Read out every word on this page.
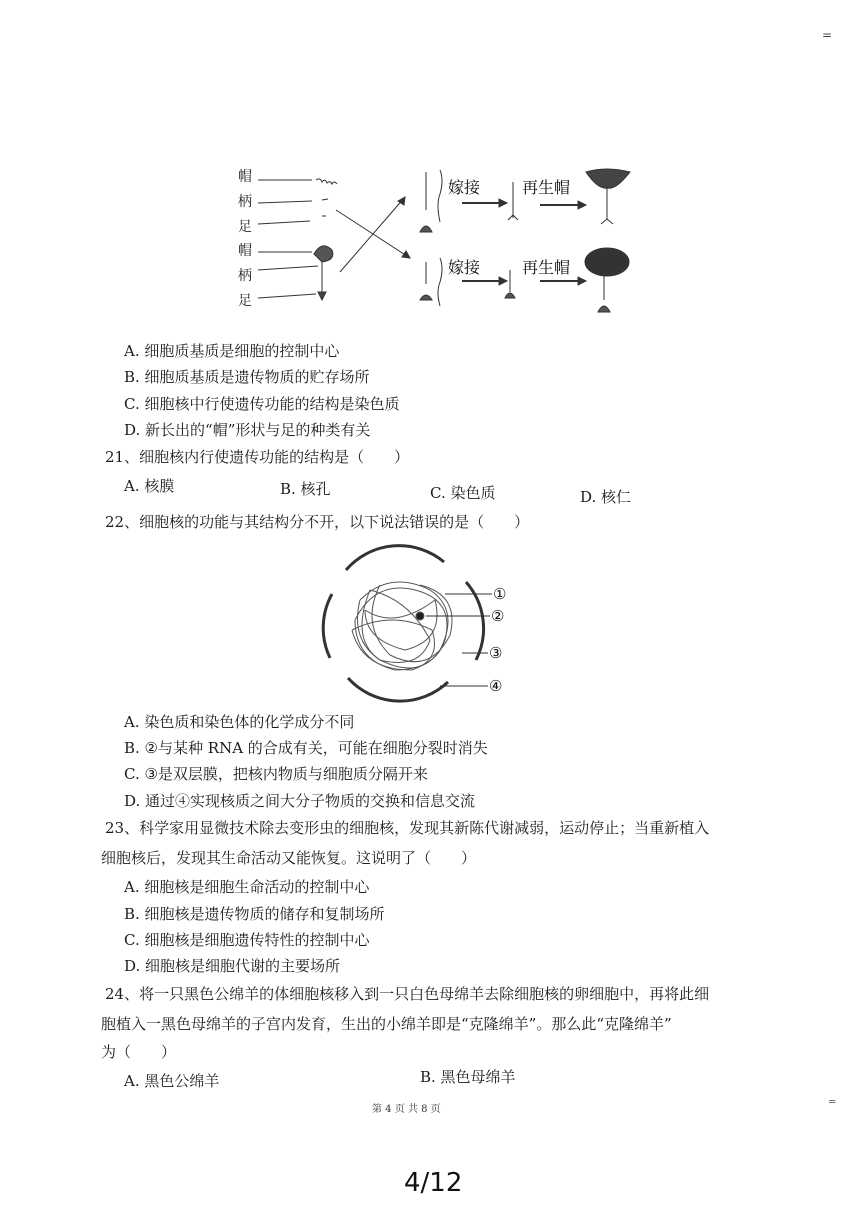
=
帽
柄
足
帽
柄
足
嫁接	再生帽
嫁接	再生帽
A. 细胞质基质是细胞的控制中心
B. 细胞质基质是遗传物质的贮存场所
C. 细胞核中行使遗传功能的结构是染色质
D. 新长出的“帽”形状与足的种类有关
21、细胞核内行使遗传功能的结构是（　　）
A. 核膜	B. 核孔	C. 染色质	D. 核仁
22、细胞核的功能与其结构分不开，以下说法错误的是（　　）
①
②
③
④
A. 染色质和染色体的化学成分不同
B. ②与某种 RNA 的合成有关，可能在细胞分裂时消失
C. ③是双层膜，把核内物质与细胞质分隔开来
D. 通过④实现核质之间大分子物质的交换和信息交流
23、科学家用显微技术除去变形虫的细胞核，发现其新陈代谢减弱，运动停止；当重新植入
细胞核后，发现其生命活动又能恢复。这说明了（　　）
A. 细胞核是细胞生命活动的控制中心
B. 细胞核是遗传物质的储存和复制场所
C. 细胞核是细胞遗传特性的控制中心
D. 细胞核是细胞代谢的主要场所
24、将一只黑色公绵羊的体细胞核移入到一只白色母绵羊去除细胞核的卵细胞中，再将此细
胞植入一黑色母绵羊的子宫内发育，生出的小绵羊即是“克隆绵羊”。那么此“克隆绵羊”
为（　　）
A. 黑色公绵羊	B. 黑色母绵羊
第 4 页 共 8 页
=
4/12
